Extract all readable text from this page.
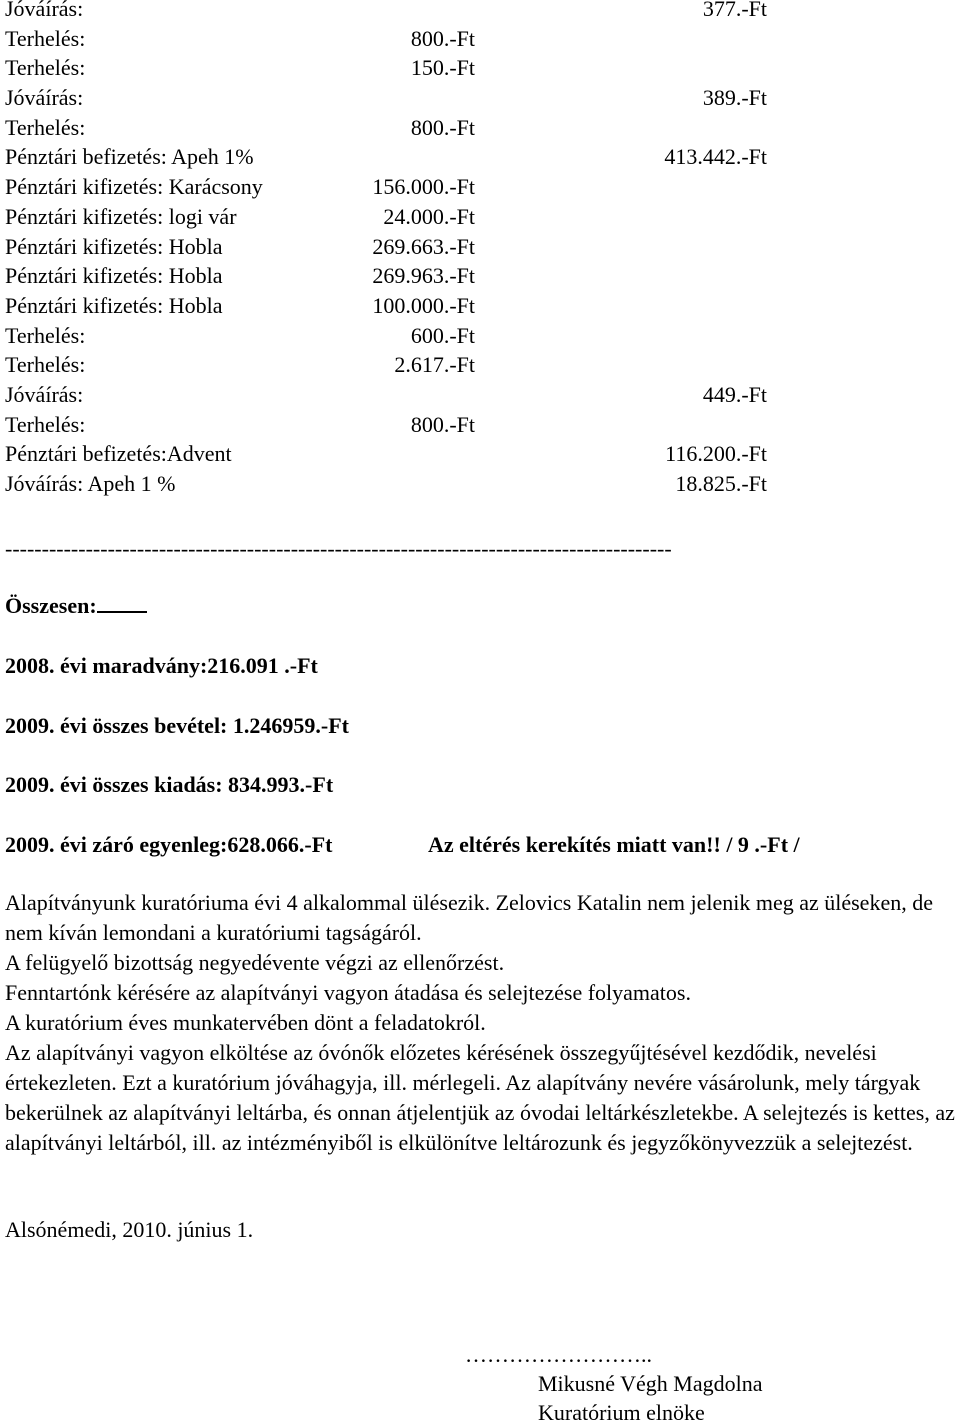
Jóváírás:	377.-Ft
Terhelés:	800.-Ft
Terhelés:	150.-Ft
Jóváírás:	389.-Ft
Terhelés:	800.-Ft
Pénztári befizetés: Apeh 1%	413.442.-Ft
Pénztári kifizetés: Karácsony	156.000.-Ft
Pénztári kifizetés: logi vár	24.000.-Ft
Pénztári kifizetés: Hobla	269.663.-Ft
Pénztári kifizetés: Hobla	269.963.-Ft
Pénztári kifizetés: Hobla	100.000.-Ft
Terhelés:	600.-Ft
Terhelés:	2.617.-Ft
Jóváírás:	449.-Ft
Terhelés:	800.-Ft
Pénztári befizetés:Advent	116.200.-Ft
Jóváírás: Apeh 1 %	18.825.-Ft
-------------------------------------------------------------------------------------------
Összesen:
2008. évi maradvány:216.091 .-Ft
2009. évi összes bevétel: 1.246959.-Ft
2009. évi összes kiadás: 834.993.-Ft
2009. évi záró egyenleg:628.066.-Ft	Az eltérés kerekítés miatt van!! / 9 .-Ft /

Alapítványunk kuratóriuma évi 4 alkalommal ülésezik. Zelovics Katalin nem jelenik meg az üléseken, de nem kíván lemondani a kuratóriumi tagságáról.

A felügyelő bizottság negyedévente végzi az ellenőrzést.

Fenntartónk kérésére az alapítványi vagyon átadása és selejtezése folyamatos.

A kuratórium éves munkatervében dönt a feladatokról.

Az alapítványi vagyon elköltése az óvónők előzetes kérésének összegyűjtésével kezdődik, nevelési értekezleten. Ezt a kuratórium jóváhagyja, ill. mérlegeli. Az alapítvány nevére vásárolunk, mely tárgyak bekerülnek az alapítványi leltárba, és onnan átjelentjük az óvodai leltárkészletekbe. A selejtezés is kettes, az alapítványi leltárból, ill. az intézményiből is elkülönítve leltározunk és jegyzőkönyvezzük a selejtezést.

Alsónémedi, 2010. június 1.
……………………..
Mikusné Végh Magdolna
Kuratórium elnöke
